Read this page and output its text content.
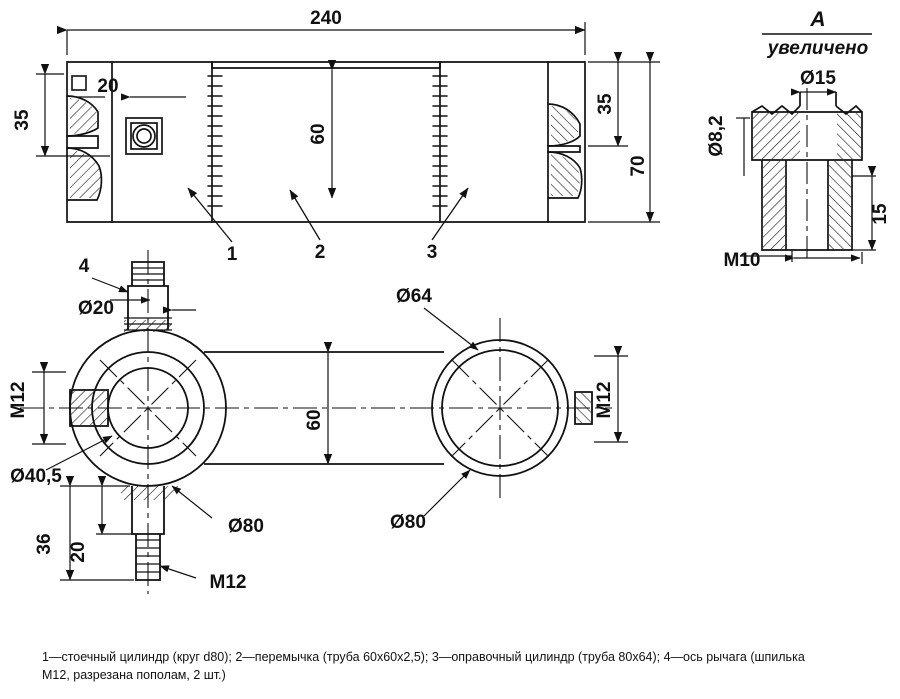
240
35
20
60
35
70
1	2	3
A
увеличено
Ø15
Ø8,2
15
M10
4
Ø20
M12	M12
60
Ø64
Ø80
Ø80
Ø40,5
36 20
M12
1—стоечный цилиндр (круг d80); 2—перемычка (труба 60x60х2,5); 3—оправочный цилиндр (труба 80х64); 4—ось рычага (шпилька
M12, разрезана пополам, 2 шт.)
